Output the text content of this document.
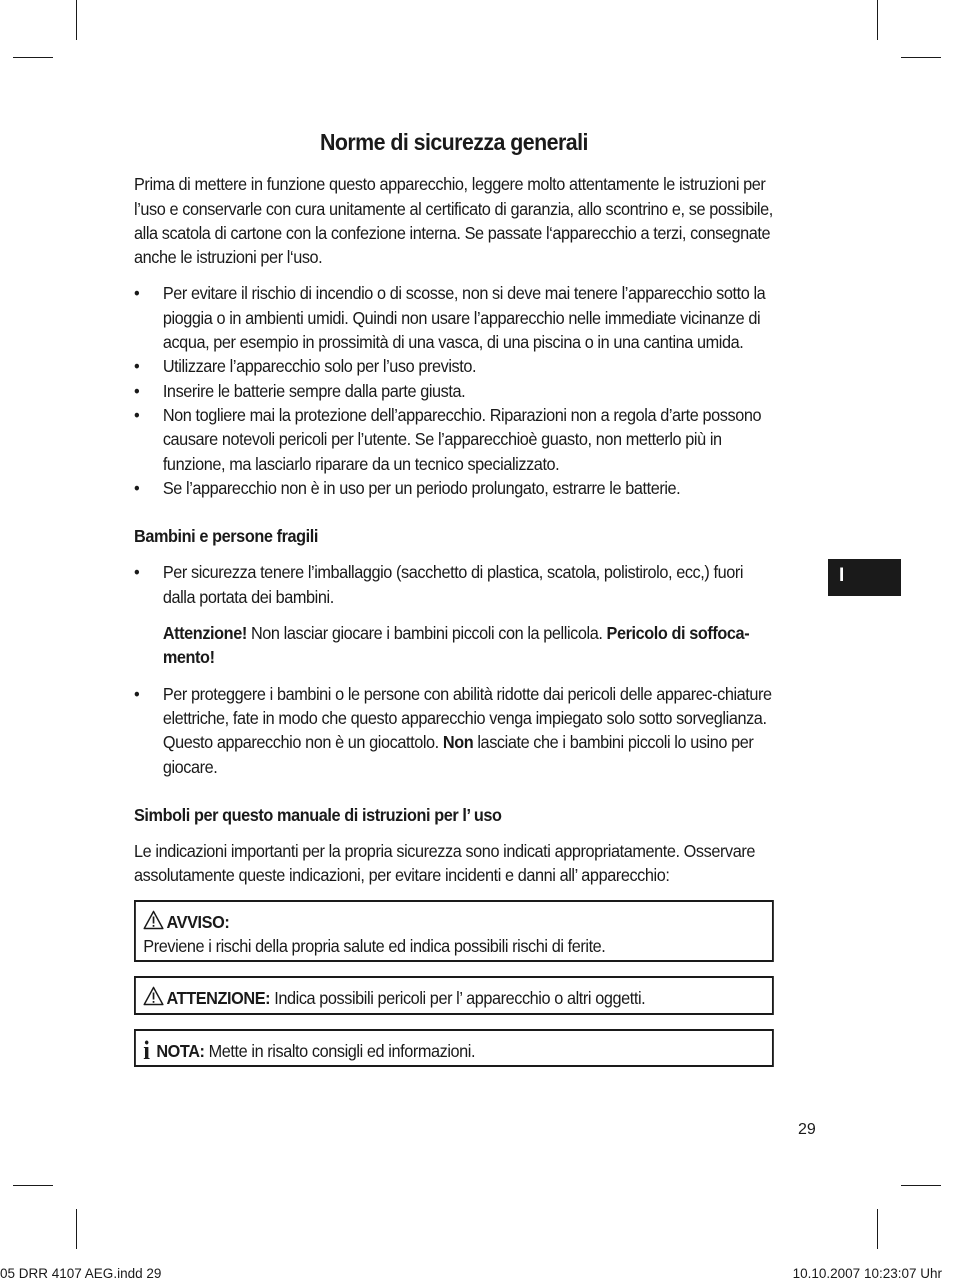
Norme di sicurezza generali

Prima di mettere in funzione questo apparecchio, leggere molto attentamente le istruzioni per l’uso e conservarle con cura unitamente al certificato di garanzia, allo scontrino e, se possibile, alla scatola di cartone con la confezione interna. Se passate l‘apparecchio a terzi, consegnate anche le istruzioni per l‘uso.

• Per evitare il rischio di incendio o di scosse, non si deve mai tenere l’apparecchio sotto la pioggia o in ambienti umidi. Quindi non usare l’apparecchio nelle immediate vicinanze di acqua, per esempio in prossimità di una vasca, di una piscina o in una cantina umida.
• Utilizzare l’apparecchio solo per l’uso previsto.
• Inserire le batterie sempre dalla parte giusta.
• Non togliere mai la protezione dell’apparecchio. Riparazioni non a regola d’arte possono causare notevoli pericoli per l’utente. Se l’apparecchioè guasto, non metterlo più in funzione, ma lasciarlo riparare da un tecnico specializzato.
• Se l’apparecchio non è in uso per un periodo prolungato, estrarre le batterie.
Bambini e persone fragili
• Per sicurezza tenere l’imballaggio (sacchetto di plastica, scatola, polistirolo, ecc,) fuori dalla portata dei bambini.

Attenzione! Non lasciar giocare i bambini piccoli con la pellicola. Pericolo di soffoca-mento!

• Per proteggere i bambini o le persone con abilità ridotte dai pericoli delle apparec-chiature elettriche, fate in modo che questo apparecchio venga impiegato solo sotto sorveglianza. Questo apparecchio non è un giocattolo. Non lasciate che i bambini piccoli lo usino per giocare.
Simboli per questo manuale di istruzioni per l’ uso

Le indicazioni importanti per la propria sicurezza sono indicati appropriatamente. Osservare assolutamente queste indicazioni, per evitare incidenti e danni all’ apparecchio:

AVVISO:
Previene i rischi della propria salute ed indica possibili rischi di ferite.
ATTENZIONE: Indica possibili pericoli per l’ apparecchio o altri oggetti.
i NOTA: Mette in risalto consigli ed informazioni.
I
29
05 DRR 4107 AEG.indd 29	10.10.2007 10:23:07 Uhr
